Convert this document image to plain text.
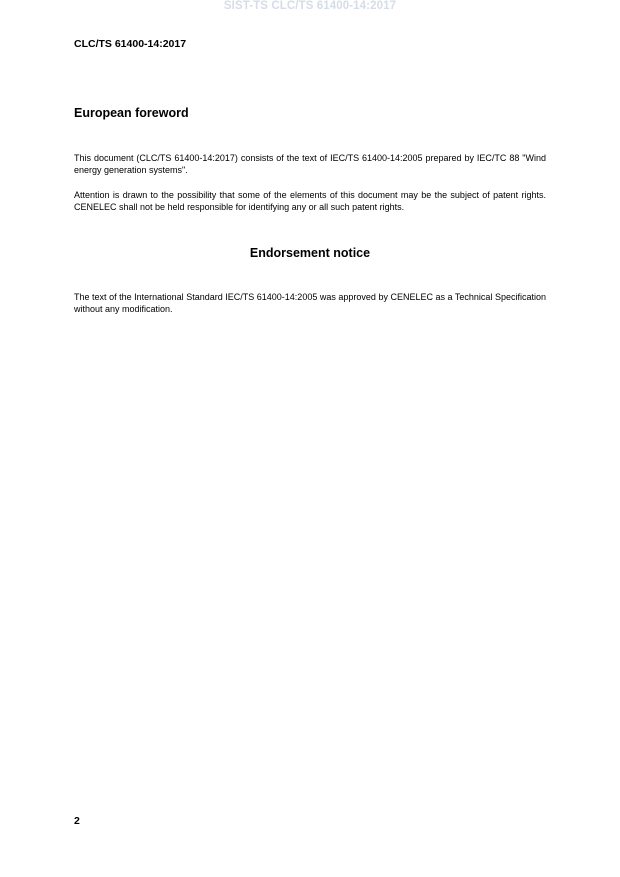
SIST-TS CLC/TS 61400-14:2017
CLC/TS 61400-14:2017
European foreword
This document (CLC/TS 61400-14:2017) consists of the text of IEC/TS 61400-14:2005 prepared by IEC/TC 88 "Wind energy generation systems".
Attention is drawn to the possibility that some of the elements of this document may be the subject of patent rights. CENELEC shall not be held responsible for identifying any or all such patent rights.
Endorsement notice
The text of the International Standard IEC/TS 61400-14:2005 was approved by CENELEC as a Technical Specification without any modification.
2
